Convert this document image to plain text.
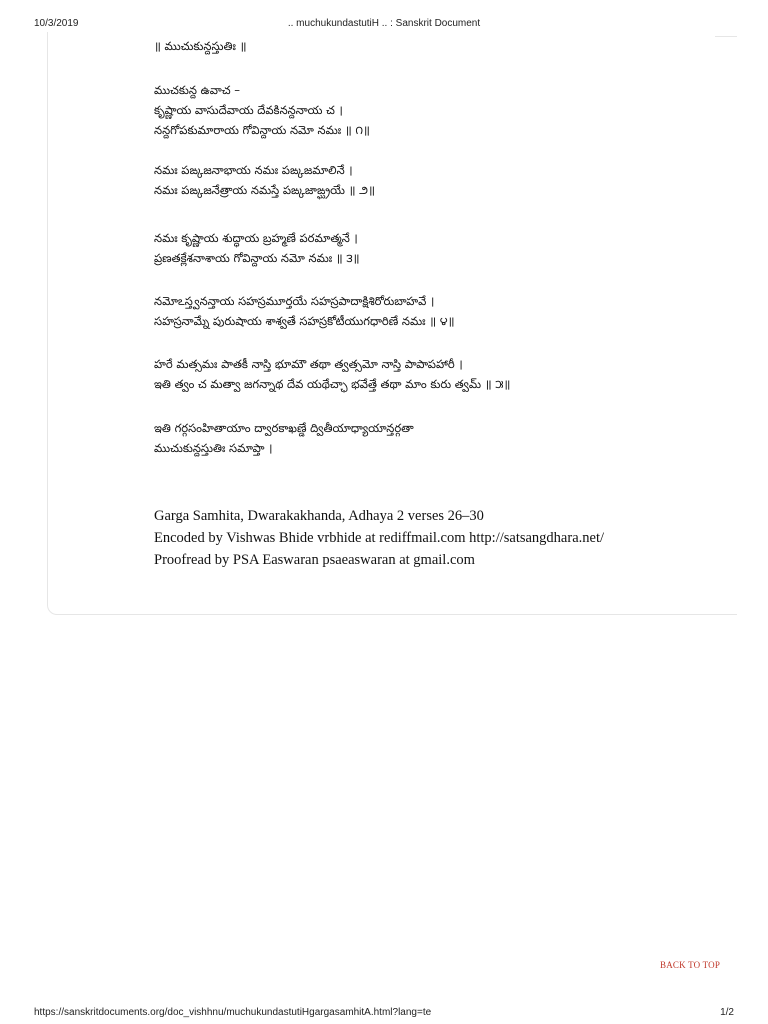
10/3/2019	.. muchukundastutiH .. : Sanskrit Document
॥ ముచుకున్దస్తుతిః ॥
ముచకున్ద ఉవాచ –
కృష్ణాయ వాసుదేవాయ దేవకినన్దనాయ చ ।
నన్దగోపకుమారాయ గోవిన్దాయ నమో నమః ॥ ౧॥
నమః పఙ్కజనాభాయ నమః పఙ్కజమాలినే ।
నమః పఙ్కజనేత్రాయ నమస్తే పఙ్కజాఙ్ఘ్రయే ॥ ౨॥
నమః కృష్ణాయ శుద్ధాయ బ్రహ్మణే పరమాత్మనే ।
ప్రణతక్లేశనాశాయ గోవిన్దాయ నమో నమః ॥ ౩॥
నమోఽస్త్వనన్తాయ సహస్రమూర్తయే సహస్రపాదాక్షిశిరోరుబాహవే ।
సహస్రనామ్నే పురుషాయ శాశ్వతే సహస్రకోటీయుగధారిణే నమః ॥ ౪॥
హరే మత్సమః పాతకీ నాస్తి భూమౌ తథా త్వత్సమో నాస్తి పాపాపహారీ ।
ఇతి త్వం చ మత్వా జగన్నాథ దేవ యథేచ్ఛా భవేత్తే తథా మాం కురు త్వమ్ ॥ ౫॥
ఇతి గర్గసంహితాయాం ద్వారకాఖణ్డే ద్వితీయాధ్యాయాన్తర్గతా
ముచుకున్దస్తుతిః సమాప్తా ।
Garga Samhita, Dwarakakhanda, Adhaya 2 verses 26–30
Encoded by Vishwas Bhide vrbhide at rediffmail.com http://satsangdhara.net/
Proofread by PSA Easwaran psaeaswaran at gmail.com
BACK TO TOP
https://sanskritdocuments.org/doc_vishhnu/muchukundastutiHgargasamhitA.html?lang=te	1/2
